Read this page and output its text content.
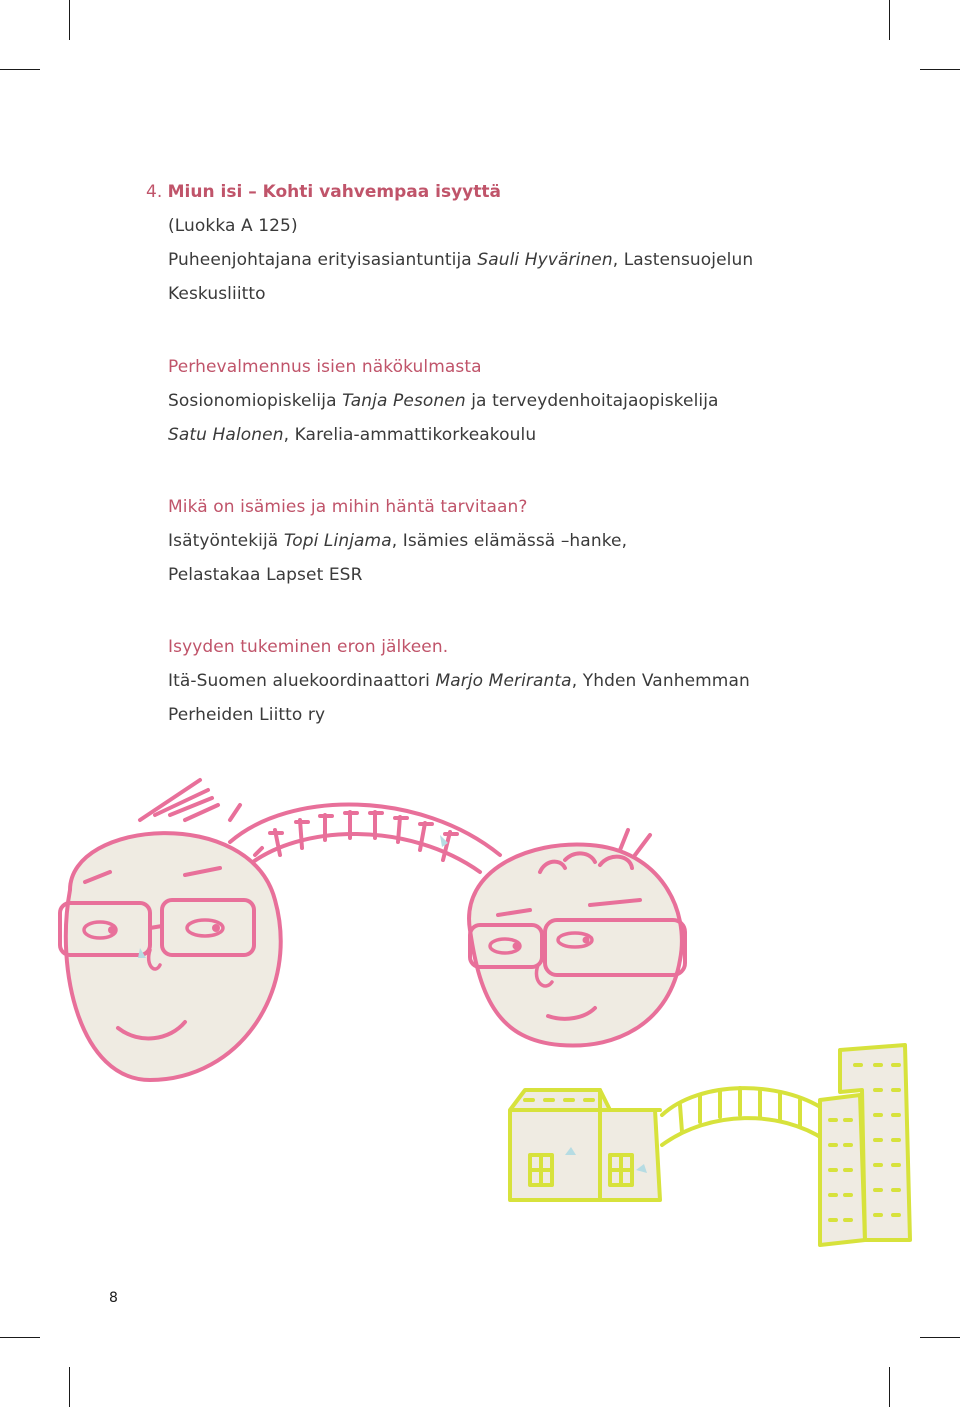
4. Miun isi – Kohti vahvempaa isyyttä
(Luokka A 125)
Puheenjohtajana erityisasiantuntija Sauli Hyvärinen, Lastensuojelun
Keskusliitto
Perhevalmennus isien näkökulmasta
Sosionomiopiskelija Tanja Pesonen ja terveydenhoitajaopiskelija
Satu Halonen, Karelia-ammattikorkeakoulu
Mikä on isämies ja mihin häntä tarvitaan?
Isätyöntekijä Topi Linjama, Isämies elämässä –hanke,
Pelastakaa Lapset ESR
Isyyden tukeminen eron jälkeen.
Itä-Suomen aluekoordinaattori Marjo Meriranta, Yhden Vanhemman
Perheiden Liitto ry
8
